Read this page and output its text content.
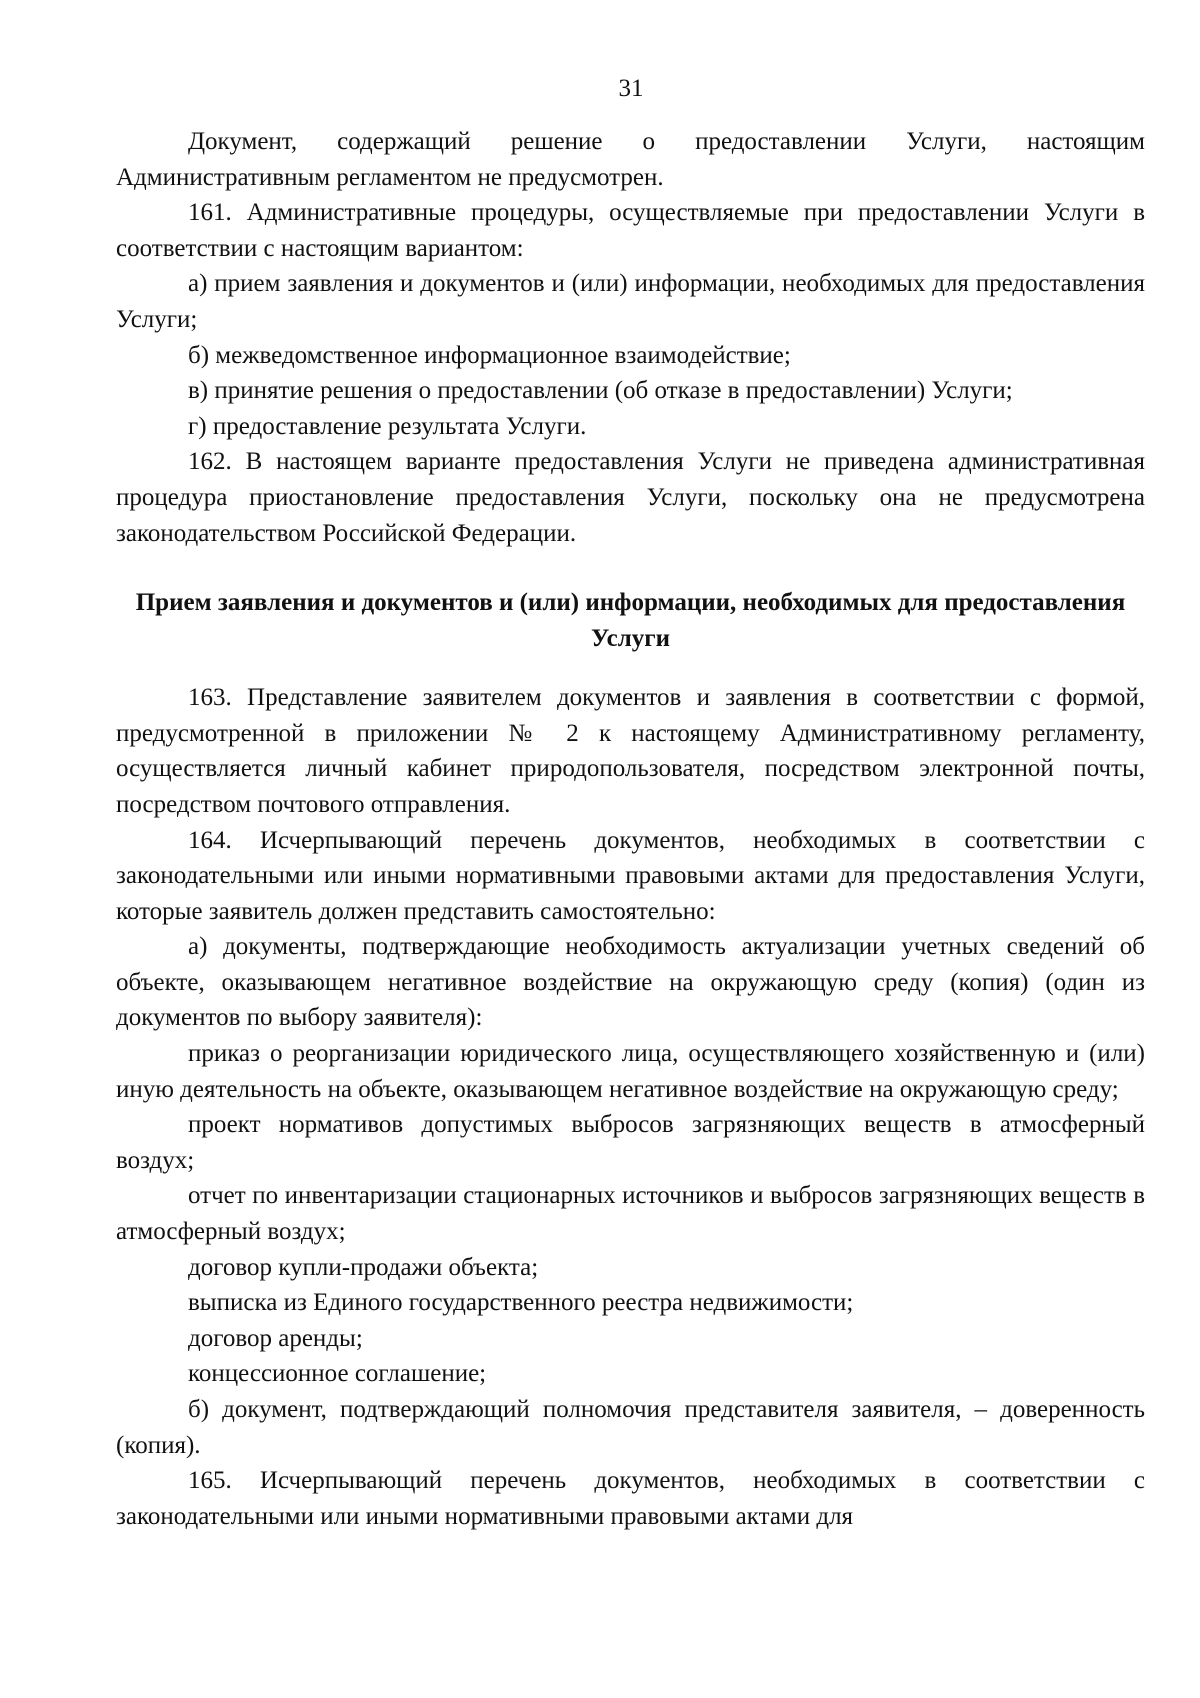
31

Документ, содержащий решение о предоставлении Услуги, настоящим Административным регламентом не предусмотрен.

161. Административные процедуры, осуществляемые при предоставлении Услуги в соответствии с настоящим вариантом:

а) прием заявления и документов и (или) информации, необходимых для предоставления Услуги;

б) межведомственное информационное взаимодействие;

в) принятие решения о предоставлении (об отказе в предоставлении) Услуги;

г) предоставление результата Услуги.

162. В настоящем варианте предоставления Услуги не приведена административная процедура приостановление предоставления Услуги, поскольку она не предусмотрена законодательством Российской Федерации.

Прием заявления и документов и (или) информации, необходимых для предоставления Услуги

163. Представление заявителем документов и заявления в соответствии с формой, предусмотренной в приложении № 2 к настоящему Административному регламенту, осуществляется личный кабинет природопользователя, посредством электронной почты, посредством почтового отправления.

164. Исчерпывающий перечень документов, необходимых в соответствии с законодательными или иными нормативными правовыми актами для предоставления Услуги, которые заявитель должен представить самостоятельно:

а) документы, подтверждающие необходимость актуализации учетных сведений об объекте, оказывающем негативное воздействие на окружающую среду (копия) (один из документов по выбору заявителя):

приказ о реорганизации юридического лица, осуществляющего хозяйственную и (или) иную деятельность на объекте, оказывающем негативное воздействие на окружающую среду;

проект нормативов допустимых выбросов загрязняющих веществ в атмосферный воздух;

отчет по инвентаризации стационарных источников и выбросов загрязняющих веществ в атмосферный воздух;

договор купли-продажи объекта;

выписка из Единого государственного реестра недвижимости;

договор аренды;

концессионное соглашение;

б) документ, подтверждающий полномочия представителя заявителя, – доверенность (копия).

165. Исчерпывающий перечень документов, необходимых в соответствии с законодательными или иными нормативными правовыми актами для
